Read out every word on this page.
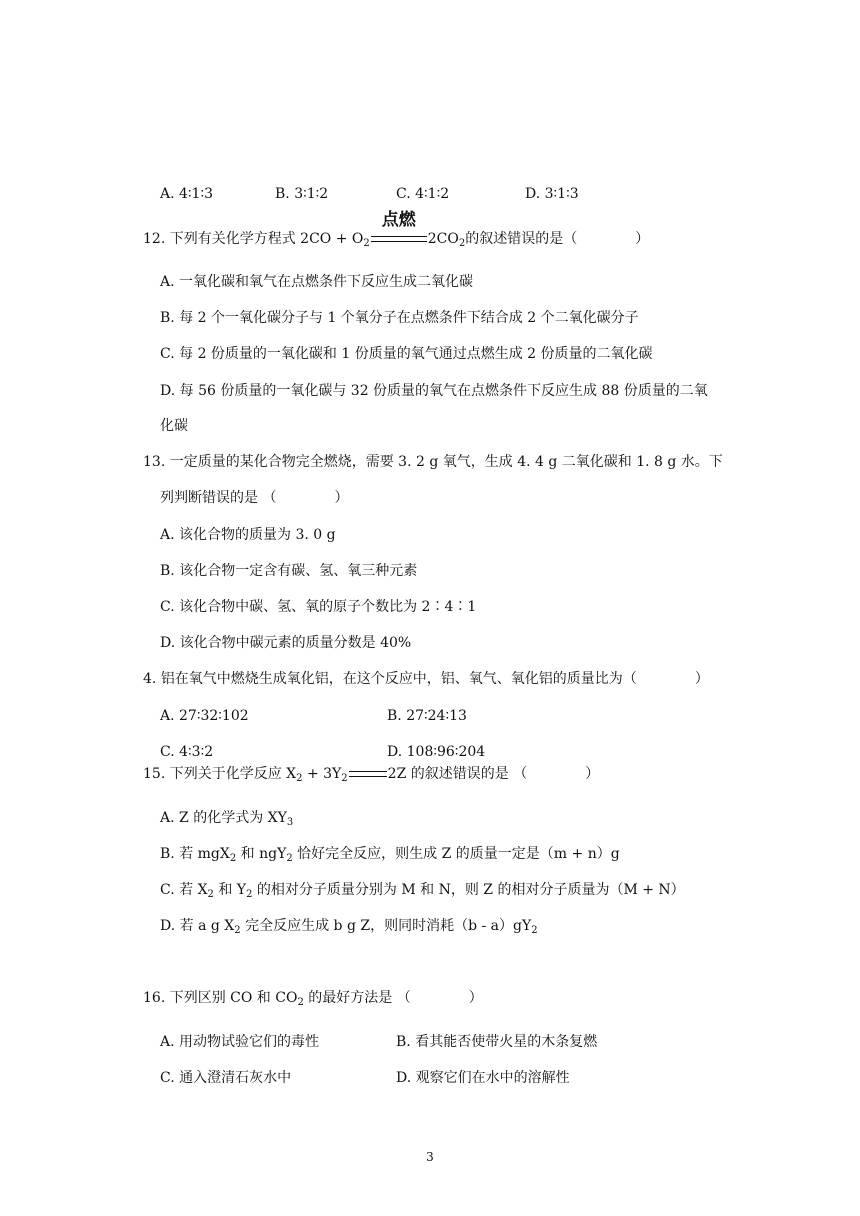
A. 4∶1∶3	B. 3∶1∶2	C. 4∶1∶2	D. 3∶1∶3
12. 下列有关化学方程式 $2CO + O_2$
点燃
$2CO_2$的叙述错误的是（	）
A. 一氧化碳和氧气在点燃条件下反应生成二氧化碳
B. 每 2 个一氧化碳分子与 1 个氧分子在点燃条件下结合成 2 个二氧化碳分子
C. 每 2 份质量的一氧化碳和 1 份质量的氧气通过点燃生成 2 份质量的二氧化碳
D. 每 56 份质量的一氧化碳与 32 份质量的氧气在点燃条件下反应生成 88 份质量的二氧
化碳
13. 一定质量的某化合物完全燃烧，需要 3. 2 g 氧气，生成 4. 4 g 二氧化碳和 1. 8 g 水。下
列判断错误的是 （	）
A. 该化合物的质量为 3. 0 g
B. 该化合物一定含有碳、氢、氧三种元素
C. 该化合物中碳、氢、氧的原子个数比为 2∶4∶1
D. 该化合物中碳元素的质量分数是 40%
4. 铝在氧气中燃烧生成氧化铝，在这个反应中，铝、氧气、氧化铝的质量比为（	）
A. 27∶32∶102	B. 27∶24∶13
C. 4∶3∶2	D. 108∶96∶204
15. 下列关于化学反应 $X_2 + 3Y_2$	2Z 的叙述错误的是 （	）
A. Z 的化学式为 $XY_3$
B. 若 mgX$_2$ 和 ngY$_2$ 恰好完全反应，则生成 Z 的质量一定是（m + n）g
C. 若 $X_2$ 和 $Y_2$ 的相对分子质量分别为 M 和 N，则 Z 的相对分子质量为（M + N）
D. 若 a g $X_2$ 完全反应生成 b g Z，则同时消耗$(b - a)gY_2$
16. 下列区别 CO 和 $CO_2$ 的最好方法是 （	）
A. 用动物试验它们的毒性	B. 看其能否使带火星的木条复燃
C. 通入澄清石灰水中	D. 观察它们在水中的溶解性
3
